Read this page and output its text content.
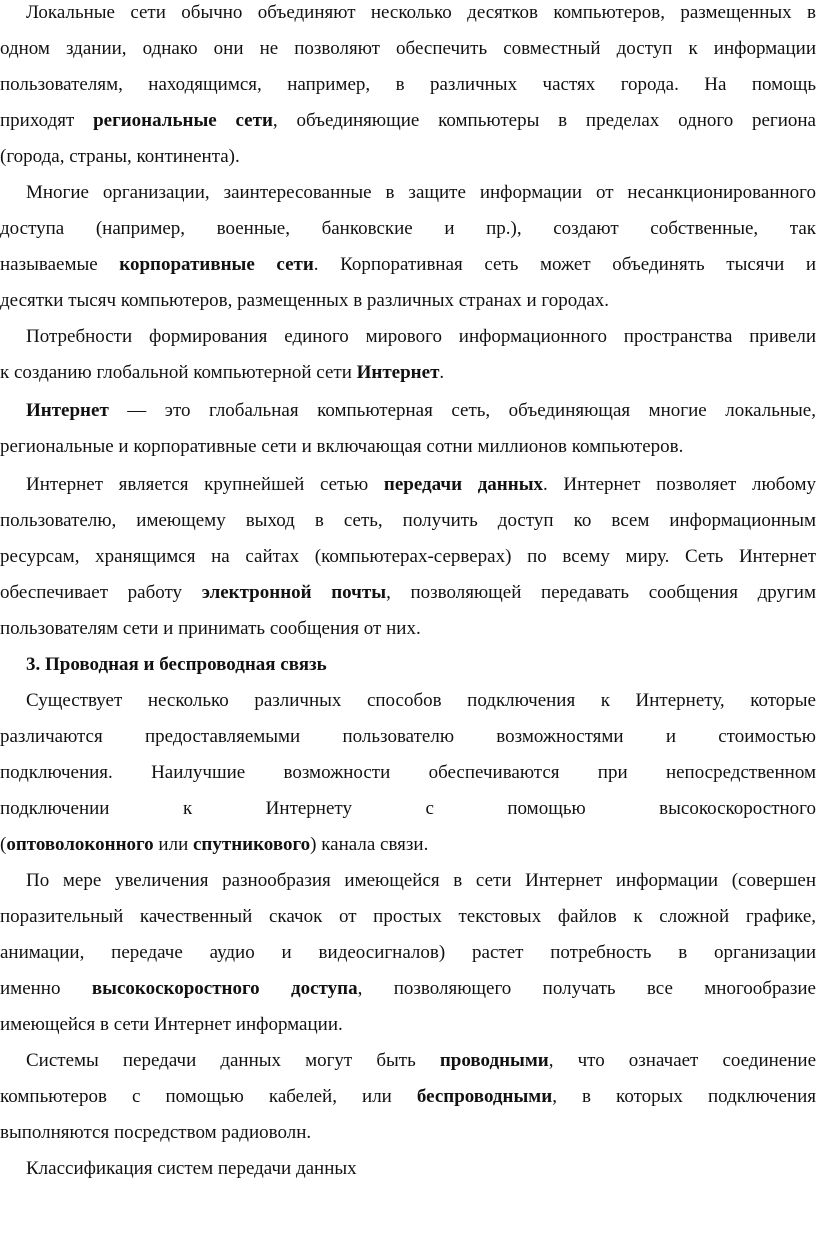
Локальные сети обычно объединяют несколько десятков компьютеров, размещенных в
одном здании, однако они не позволяют обеспечить совместный доступ к информации
пользователям, находящимся, например, в различных частях города. На помощь
приходят региональные сети, объединяющие компьютеры в пределах одного региона
(города, страны, континента).
Многие организации, заинтересованные в защите информации от несанкционированного
доступа (например, военные, банковские и пр.), создают собственные, так
называемые корпоративные сети. Корпоративная сеть может объединять тысячи и
десятки тысяч компьютеров, размещенных в различных странах и городах.
Потребности формирования единого мирового информационного пространства привели
к созданию глобальной компьютерной сети Интернет.
Интернет — это глобальная компьютерная сеть, объединяющая многие локальные,
региональные и корпоративные сети и включающая сотни миллионов компьютеров.
Интернет является крупнейшей сетью передачи данных. Интернет позволяет любому
пользователю, имеющему выход в сеть, получить доступ ко всем информационным
ресурсам, хранящимся на сайтах (компьютерах-серверах) по всему миру. Сеть Интернет
обеспечивает работу электронной почты, позволяющей передавать сообщения другим
пользователям сети и принимать сообщения от них.
3. Проводная и беспроводная связь
Существует несколько различных способов подключения к Интернету, которые
различаются предоставляемыми пользователю возможностями и стоимостью
подключения. Наилучшие возможности обеспечиваются при непосредственном
подключении к Интернету с помощью высокоскоростного
(оптоволоконного или спутникового) канала связи.
По мере увеличения разнообразия имеющейся в сети Интернет информации (совершен
поразительный качественный скачок от простых текстовых файлов к сложной графике,
анимации, передаче аудио и видеосигналов) растет потребность в организации
именно высокоскоростного доступа, позволяющего получать все многообразие
имеющейся в сети Интернет информации.
Системы передачи данных могут быть проводными, что означает соединение
компьютеров с помощью кабелей, или беспроводными, в которых подключения
выполняются посредством радиоволн.
Классификация систем передачи данных
